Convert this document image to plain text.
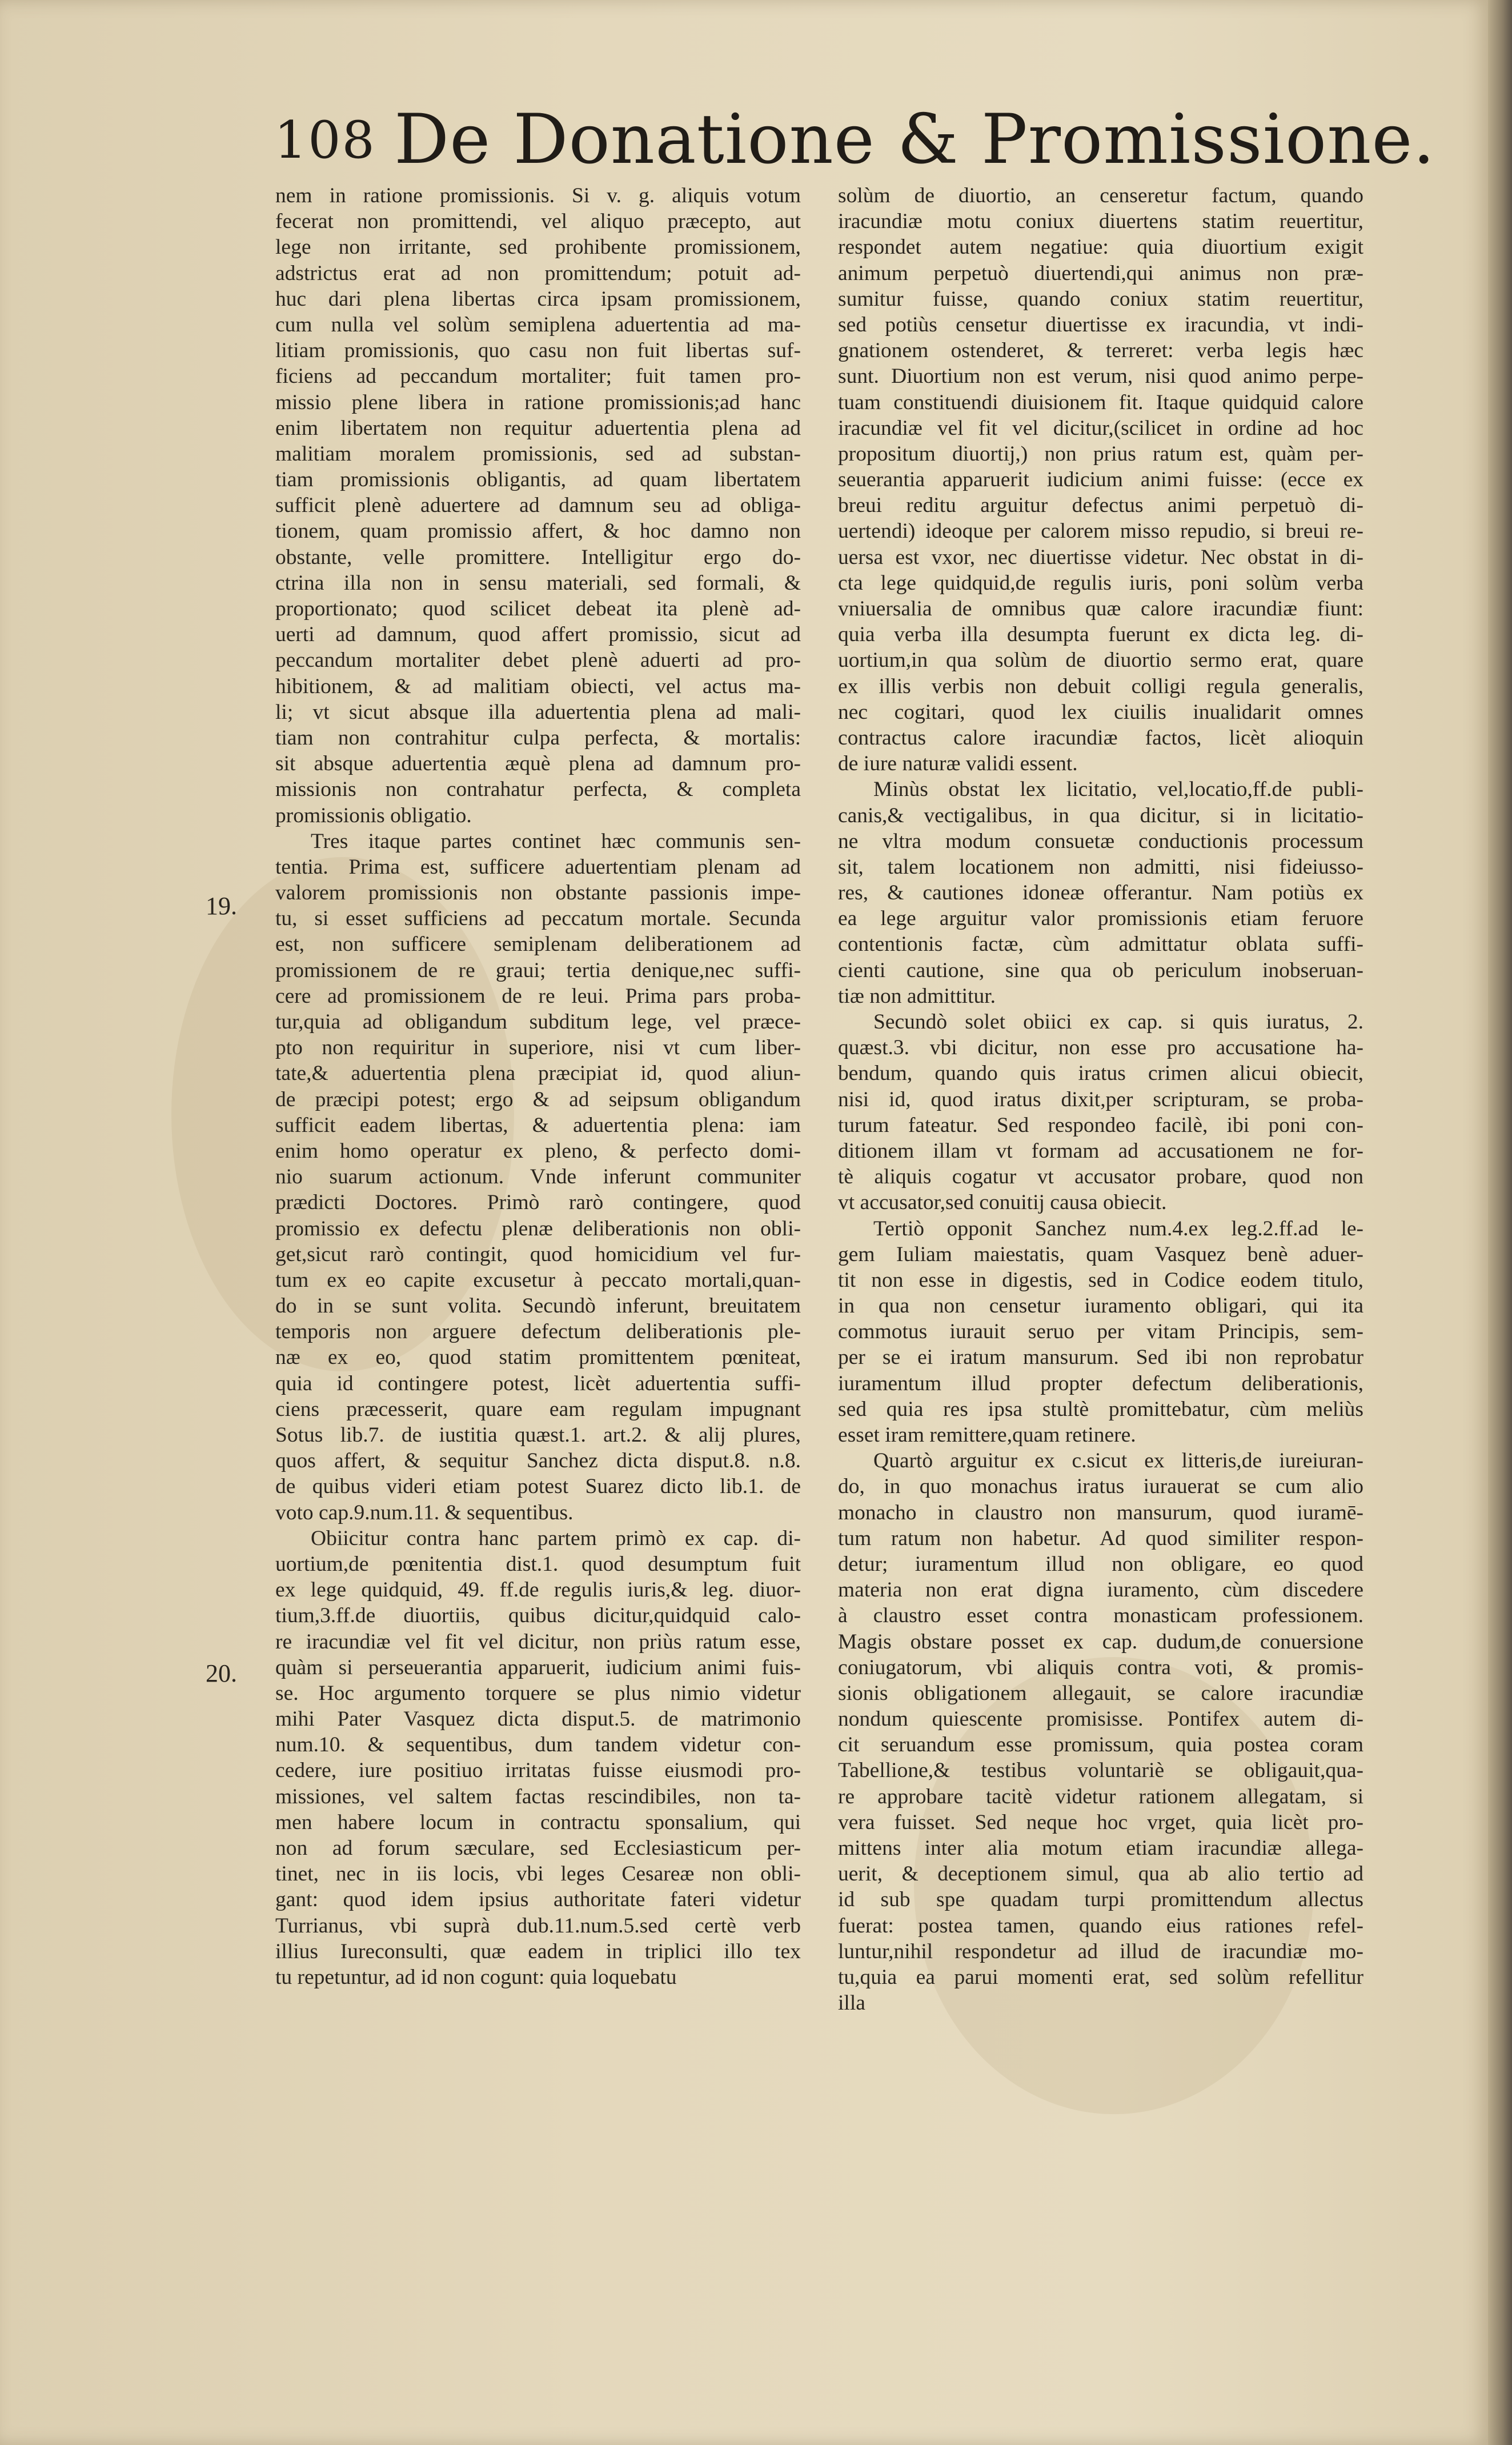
108 De Donatione & Promissione.
19.
20.
nem in ratione promissionis. Si v. g. aliquis votum
fecerat non promittendi, vel aliquo præcepto, aut
lege non irritante, sed prohibente promissionem,
adstrictus erat ad non promittendum; potuit ad-
huc dari plena libertas circa ipsam promissionem,
cum nulla vel solùm semiplena aduertentia ad ma-
litiam promissionis, quo casu non fuit libertas suf-
ficiens ad peccandum mortaliter; fuit tamen pro-
missio plene libera in ratione promissionis;ad hanc
enim libertatem non requitur aduertentia plena ad
malitiam moralem promissionis, sed ad substan-
tiam promissionis obligantis, ad quam libertatem
sufficit plenè aduertere ad damnum seu ad obliga-
tionem, quam promissio affert, & hoc damno non
obstante, velle promittere. Intelligitur ergo do-
ctrina illa non in sensu materiali, sed formali, &
proportionato; quod scilicet debeat ita plenè ad-
uerti ad damnum, quod affert promissio, sicut ad
peccandum mortaliter debet plenè aduerti ad pro-
hibitionem, & ad malitiam obiecti, vel actus ma-
li; vt sicut absque illa aduertentia plena ad mali-
tiam non contrahitur culpa perfecta, & mortalis:
sit absque aduertentia æquè plena ad damnum pro-
missionis non contrahatur perfecta, & completa
promissionis obligatio.
Tres itaque partes continet hæc communis sen-
tentia. Prima est, sufficere aduertentiam plenam ad
valorem promissionis non obstante passionis impe-
tu, si esset sufficiens ad peccatum mortale. Secunda
est, non sufficere semiplenam deliberationem ad
promissionem de re graui; tertia denique,nec suffi-
cere ad promissionem de re leui. Prima pars proba-
tur,quia ad obligandum subditum lege, vel præce-
pto non requiritur in superiore, nisi vt cum liber-
tate,& aduertentia plena præcipiat id, quod aliun-
de præcipi potest; ergo & ad seipsum obligandum
sufficit eadem libertas, & aduertentia plena: iam
enim homo operatur ex pleno, & perfecto domi-
nio suarum actionum. Vnde inferunt communiter
prædicti Doctores. Primò rarò contingere, quod
promissio ex defectu plenæ deliberationis non obli-
get,sicut rarò contingit, quod homicidium vel fur-
tum ex eo capite excusetur à peccato mortali,quan-
do in se sunt volita. Secundò inferunt, breuitatem
temporis non arguere defectum deliberationis ple-
næ ex eo, quod statim promittentem pœniteat,
quia id contingere potest, licèt aduertentia suffi-
ciens præcesserit, quare eam regulam impugnant
Sotus lib.7. de iustitia quæst.1. art.2. & alij plures,
quos affert, & sequitur Sanchez dicta disput.8. n.8.
de quibus videri etiam potest Suarez dicto lib.1. de
voto cap.9.num.11. & sequentibus.
Obiicitur contra hanc partem primò ex cap. di-
uortium,de pœnitentia dist.1. quod desumptum fuit
ex lege quidquid, 49. ff.de regulis iuris,& leg. diuor-
tium,3.ff.de diuortiis, quibus dicitur,quidquid calo-
re iracundiæ vel fit vel dicitur, non priùs ratum esse,
quàm si perseuerantia apparuerit, iudicium animi fuis-
se. Hoc argumento torquere se plus nimio videtur
mihi Pater Vasquez dicta disput.5. de matrimonio
num.10. & sequentibus, dum tandem videtur con-
cedere, iure positiuo irritatas fuisse eiusmodi pro-
missiones, vel saltem factas rescindibiles, non ta-
men habere locum in contractu sponsalium, qui
non ad forum sæculare, sed Ecclesiasticum per-
tinet, nec in iis locis, vbi leges Cesareæ non obli-
gant: quod idem ipsius authoritate fateri videtur
Turrianus, vbi suprà dub.11.num.5.sed certè verb
illius Iureconsulti, quæ eadem in triplici illo tex
tu repetuntur, ad id non cogunt: quia loquebatu
solùm de diuortio, an censeretur factum, quando
iracundiæ motu coniux diuertens statim reuertitur,
respondet autem negatiue: quia diuortium exigit
animum perpetuò diuertendi,qui animus non præ-
sumitur fuisse, quando coniux statim reuertitur,
sed potiùs censetur diuertisse ex iracundia, vt indi-
gnationem ostenderet, & terreret: verba legis hæc
sunt. Diuortium non est verum, nisi quod animo perpe-
tuam constituendi diuisionem fit. Itaque quidquid calore
iracundiæ vel fit vel dicitur,(scilicet in ordine ad hoc
propositum diuortij,) non prius ratum est, quàm per-
seuerantia apparuerit iudicium animi fuisse: (ecce ex
breui reditu arguitur defectus animi perpetuò di-
uertendi) ideoque per calorem misso repudio, si breui re-
uersa est vxor, nec diuertisse videtur. Nec obstat in di-
cta lege quidquid,de regulis iuris, poni solùm verba
vniuersalia de omnibus quæ calore iracundiæ fiunt:
quia verba illa desumpta fuerunt ex dicta leg. di-
uortium,in qua solùm de diuortio sermo erat, quare
ex illis verbis non debuit colligi regula generalis,
nec cogitari, quod lex ciuilis inualidarit omnes
contractus calore iracundiæ factos, licèt alioquin
de iure naturæ validi essent.
Minùs obstat lex licitatio, vel,locatio,ff.de publi-
canis,& vectigalibus, in qua dicitur, si in licitatio-
ne vltra modum consuetæ conductionis processum
sit, talem locationem non admitti, nisi fideiusso-
res, & cautiones idoneæ offerantur. Nam potiùs ex
ea lege arguitur valor promissionis etiam feruore
contentionis factæ, cùm admittatur oblata suffi-
cienti cautione, sine qua ob periculum inobseruan-
tiæ non admittitur.
Secundò solet obiici ex cap. si quis iuratus, 2.
quæst.3. vbi dicitur, non esse pro accusatione ha-
bendum, quando quis iratus crimen alicui obiecit,
nisi id, quod iratus dixit,per scripturam, se proba-
turum fateatur. Sed respondeo facilè, ibi poni con-
ditionem illam vt formam ad accusationem ne for-
tè aliquis cogatur vt accusator probare, quod non
vt accusator,sed conuitij causa obiecit.
Tertiò opponit Sanchez num.4.ex leg.2.ff.ad le-
gem Iuliam maiestatis, quam Vasquez benè aduer-
tit non esse in digestis, sed in Codice eodem titulo,
in qua non censetur iuramento obligari, qui ita
commotus iurauit seruo per vitam Principis, sem-
per se ei iratum mansurum. Sed ibi non reprobatur
iuramentum illud propter defectum deliberationis,
sed quia res ipsa stultè promittebatur, cùm meliùs
esset iram remittere,quam retinere.
Quartò arguitur ex c.sicut ex litteris,de iureiuran-
do, in quo monachus iratus iurauerat se cum alio
monacho in claustro non mansurum, quod iuramē-
tum ratum non habetur. Ad quod similiter respon-
detur; iuramentum illud non obligare, eo quod
materia non erat digna iuramento, cùm discedere
à claustro esset contra monasticam professionem.
Magis obstare posset ex cap. dudum,de conuersione
coniugatorum, vbi aliquis contra voti, & promis-
sionis obligationem allegauit, se calore iracundiæ
nondum quiescente promisisse. Pontifex autem di-
cit seruandum esse promissum, quia postea coram
Tabellione,& testibus voluntariè se obligauit,qua-
re approbare tacitè videtur rationem allegatam, si
vera fuisset. Sed neque hoc vrget, quia licèt pro-
mittens inter alia motum etiam iracundiæ allega-
uerit, & deceptionem simul, qua ab alio tertio ad
id sub spe quadam turpi promittendum allectus
fuerat: postea tamen, quando eius rationes refel-
luntur,nihil respondetur ad illud de iracundiæ mo-
tu,quia ea parui momenti erat, sed solùm refellitur
illa
